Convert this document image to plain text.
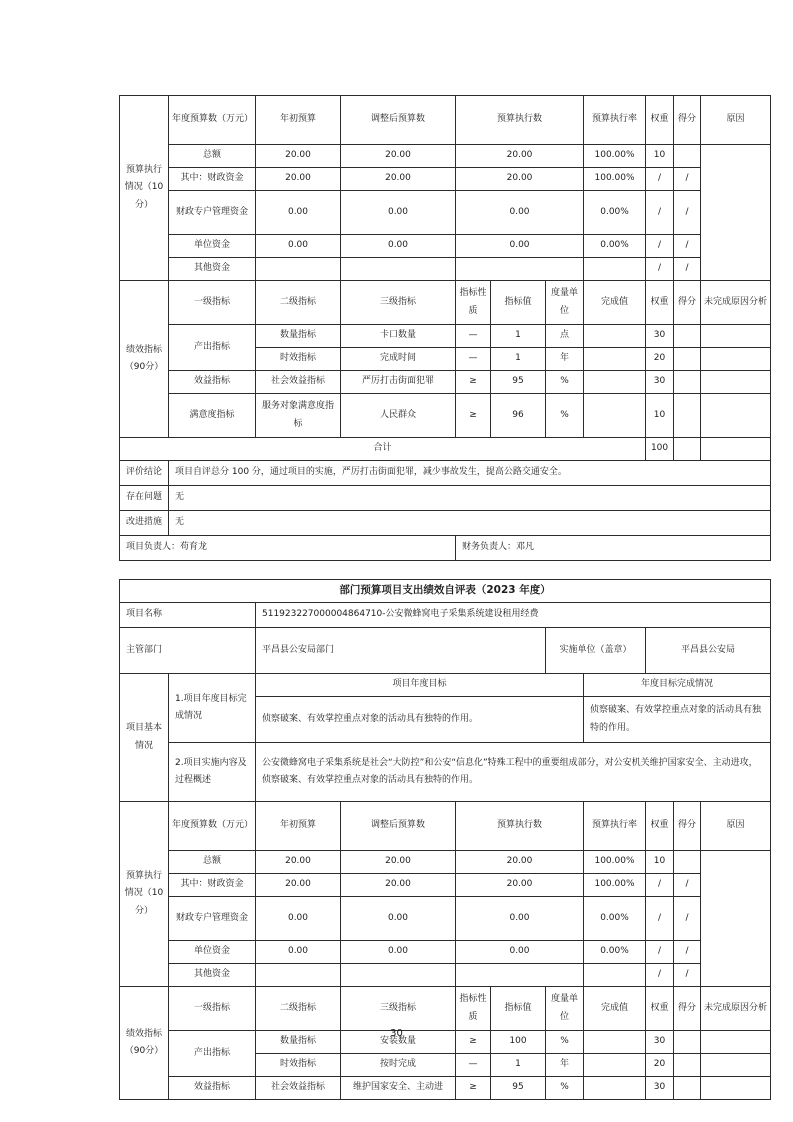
预算执行情况（10分）	年度预算数（万元）	年初预算	调整后预算数	预算执行数			预算执行率	权重	得分	原因
	总额	20.00	20.00	20.00			100.00%	10		
	其中：财政资金	20.00	20.00	20.00			100.00%	/	/	
	财政专户管理资金	0.00	0.00	0.00			0.00%	/	/	
	单位资金	0.00	0.00	0.00			0.00%	/	/	
	其他资金							/	/	
绩效指标（90分）	一级指标	二级指标	三级指标	指标性质	指标值	度量单位	完成值	权重	得分	未完成原因分析
	产出指标	数量指标	卡口数量	—	1	点		30		
		时效指标	完成时间	—	1	年		20		
	效益指标	社会效益指标	严厉打击街面犯罪	≥	95	%		30		
	满意度指标	服务对象满意度指标	人民群众	≥	96	%		10		
合计								100		
评价结论	项目自评总分 100 分，通过项目的实施，严厉打击街面犯罪，减少事故发生，提高公路交通安全。									
存在问题	无									
改进措施	无									
项目负责人：苟育龙				财务负责人：邓凡						
部门预算项目支出绩效自评表（2023 年度）										
项目名称		511923227000004864710-公安微蜂窝电子采集系统建设租用经费								
主管部门		平昌县公安局部门				实施单位（盖章）		平昌县公安局		
项目基本情况	1.项目年度目标完成情况	项目年度目标					年度目标完成情况			
		侦察破案、有效掌控重点对象的活动具有独特的作用。					侦察破案、有效掌控重点对象的活动具有独特的作用。			
	2.项目实施内容及过程概述	公安微蜂窝电子采集系统是社会“大防控”和公安“信息化”特殊工程中的重要组成部分，对公安机关维护国家安全、主动进攻，侦察破案、有效掌控重点对象的活动具有独特的作用。								
预算执行情况（10分）	年度预算数（万元）	年初预算	调整后预算数	预算执行数			预算执行率	权重	得分	原因
	总额	20.00	20.00	20.00			100.00%	10		
	其中：财政资金	20.00	20.00	20.00			100.00%	/	/	
	财政专户管理资金	0.00	0.00	0.00			0.00%	/	/	
	单位资金	0.00	0.00	0.00			0.00%	/	/	
	其他资金							/	/	
绩效指标（90分）	一级指标	二级指标	三级指标	指标性质	指标值	度量单位	完成值	权重	得分	未完成原因分析
	产出指标	数量指标	安装数量	≥	100	%		30		
		时效指标	按时完成	—	1	年		20		
	效益指标	社会效益指标	维护国家安全、主动进	≥	95	%		30		
30
